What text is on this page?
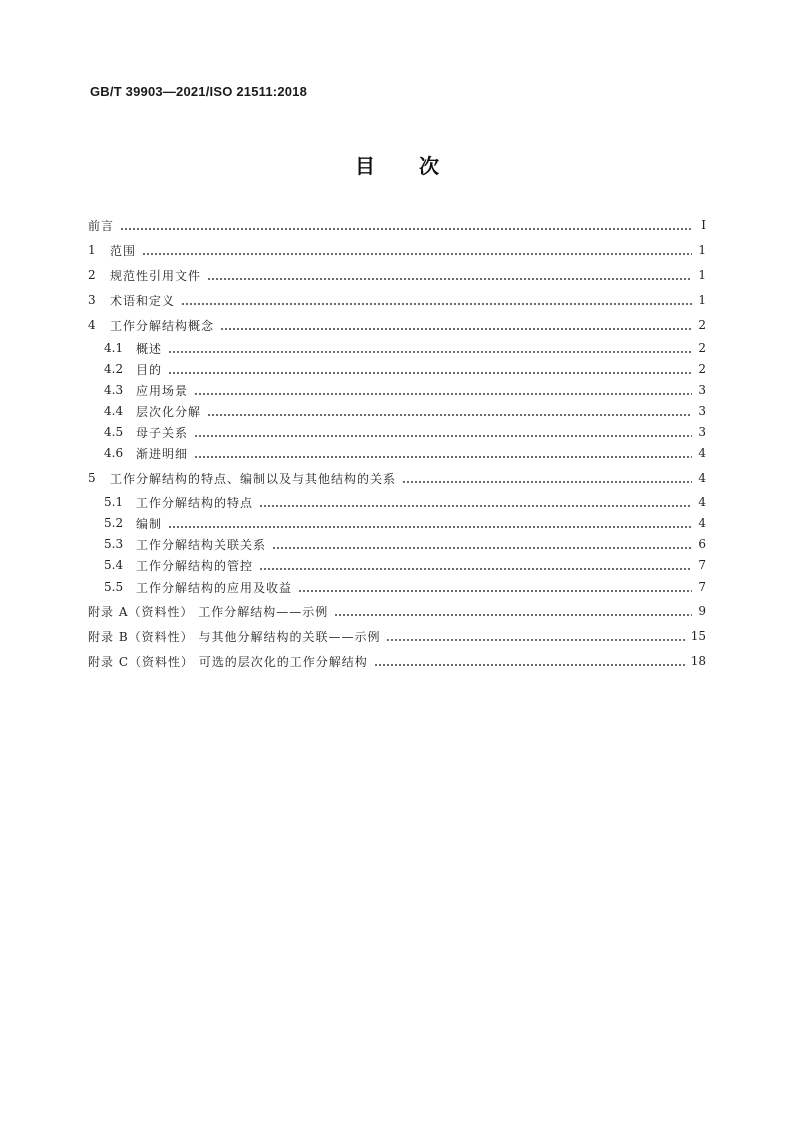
GB/T 39903—2021/ISO 21511:2018
目 次
前言	Ⅰ
1	范围	1
2	规范性引用文件	1
3	术语和定义	1
4	工作分解结构概念	2
4.1	概述	2
4.2	目的	2
4.3	应用场景	3
4.4	层次化分解	3
4.5	母子关系	3
4.6	渐进明细	4
5	工作分解结构的特点、编制以及与其他结构的关系	4
5.1	工作分解结构的特点	4
5.2	编制	4
5.3	工作分解结构关联关系	6
5.4	工作分解结构的管控	7
5.5	工作分解结构的应用及收益	7
附录 A（资料性） 工作分解结构——示例	9
附录 B（资料性） 与其他分解结构的关联——示例	15
附录 C（资料性） 可选的层次化的工作分解结构	18
